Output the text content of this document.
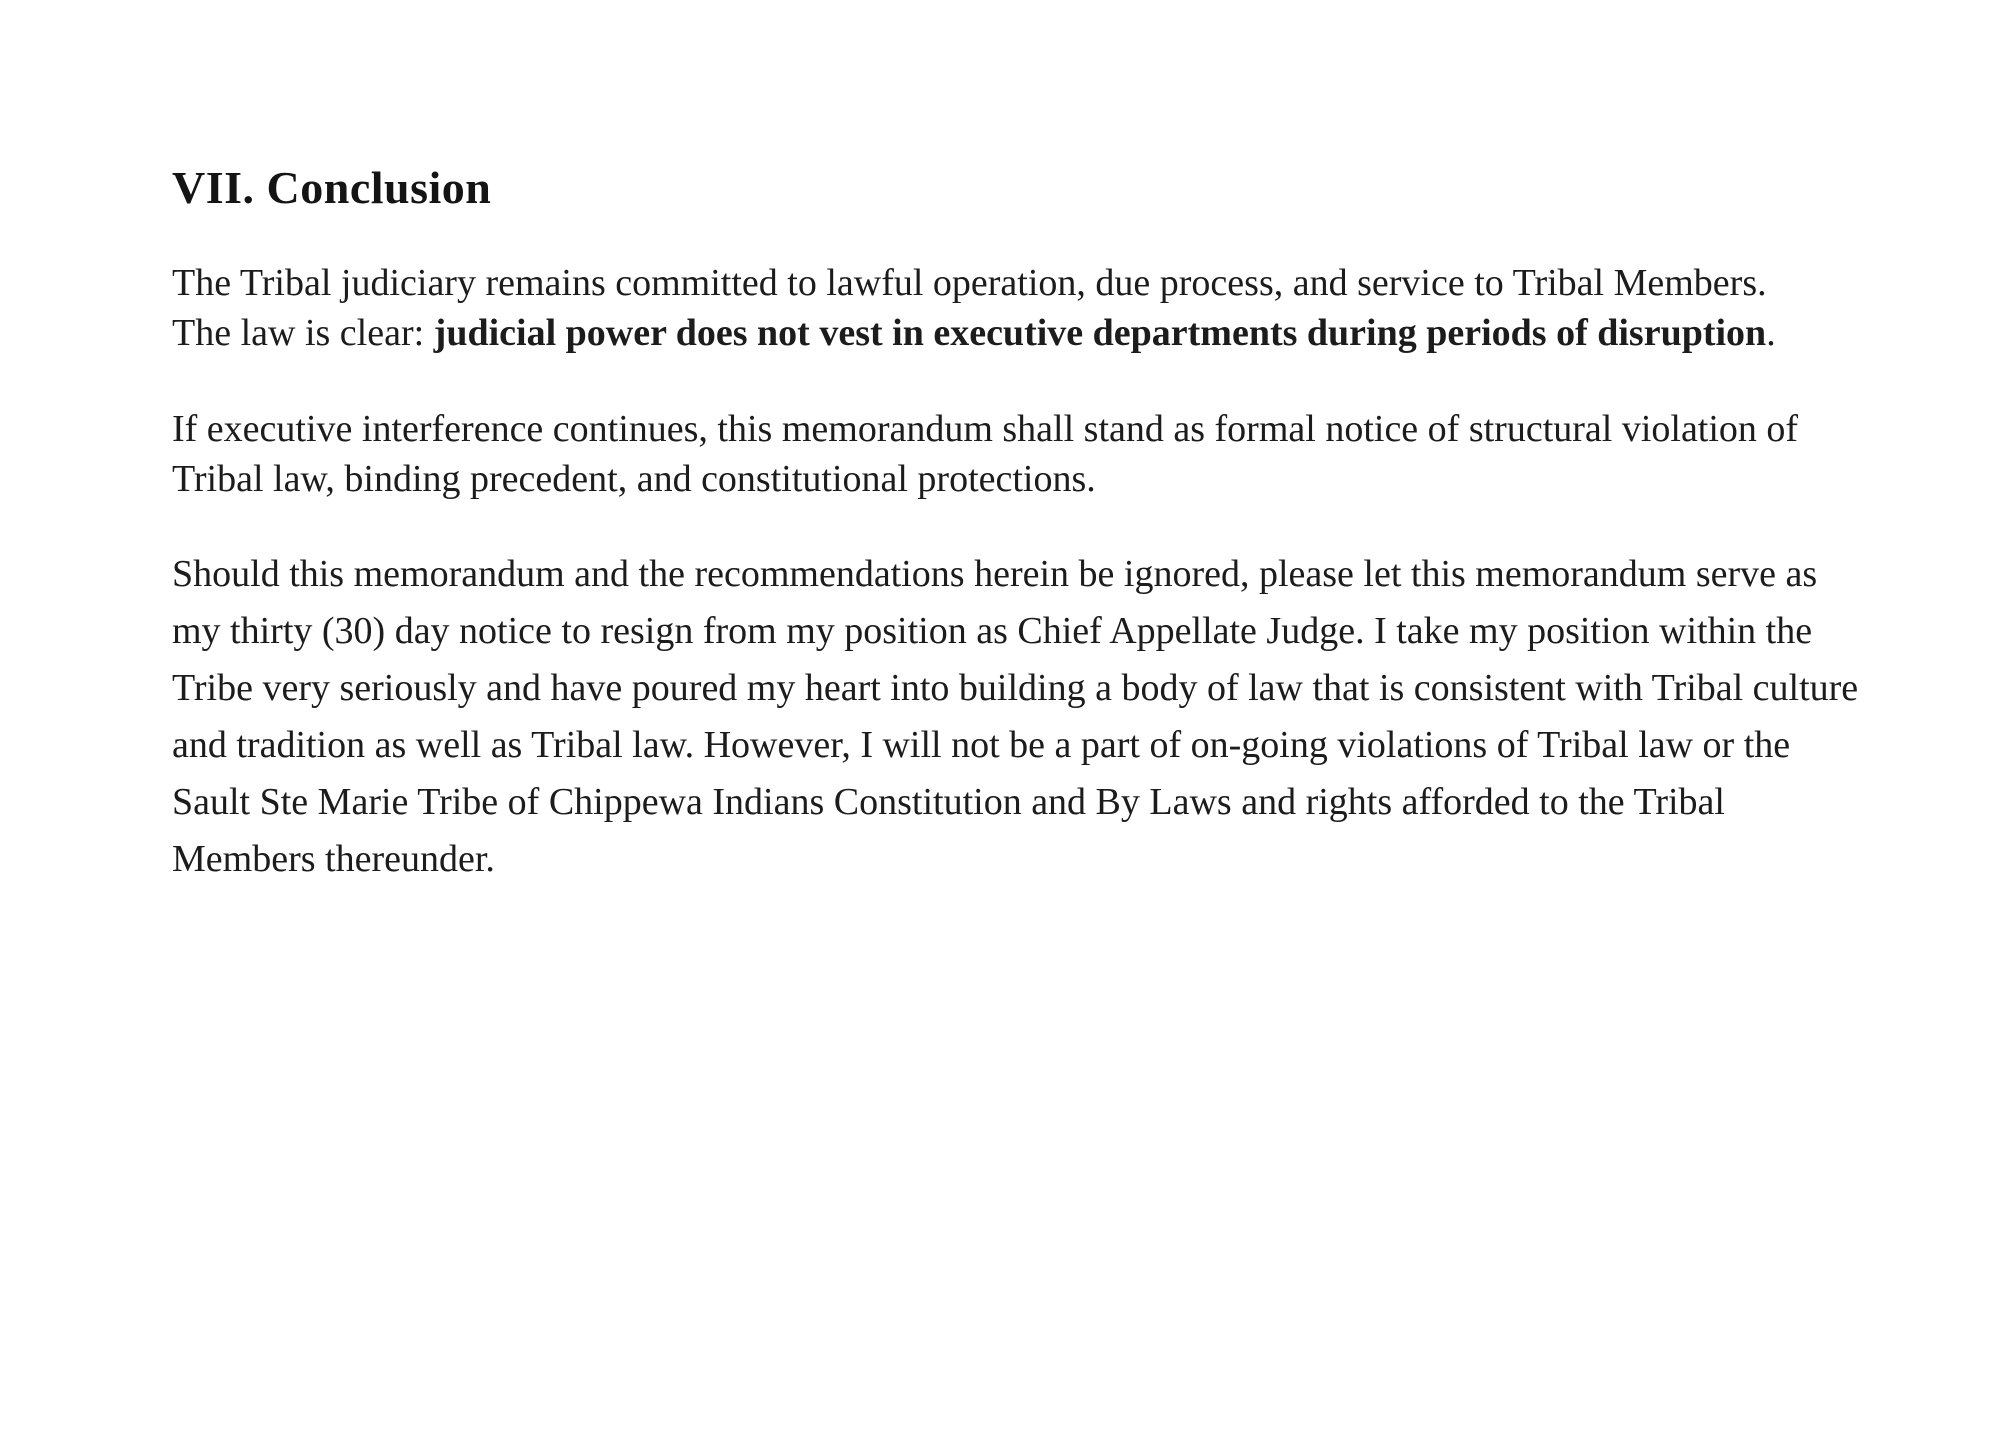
VII. Conclusion

The Tribal judiciary remains committed to lawful operation, due process, and service to Tribal Members. The law is clear: judicial power does not vest in executive departments during periods of disruption.

If executive interference continues, this memorandum shall stand as formal notice of structural violation of Tribal law, binding precedent, and constitutional protections.

Should this memorandum and the recommendations herein be ignored, please let this memorandum serve as my thirty (30) day notice to resign from my position as Chief Appellate Judge. I take my position within the Tribe very seriously and have poured my heart into building a body of law that is consistent with Tribal culture and tradition as well as Tribal law. However, I will not be a part of on-going violations of Tribal law or the Sault Ste Marie Tribe of Chippewa Indians Constitution and By Laws and rights afforded to the Tribal Members thereunder.
